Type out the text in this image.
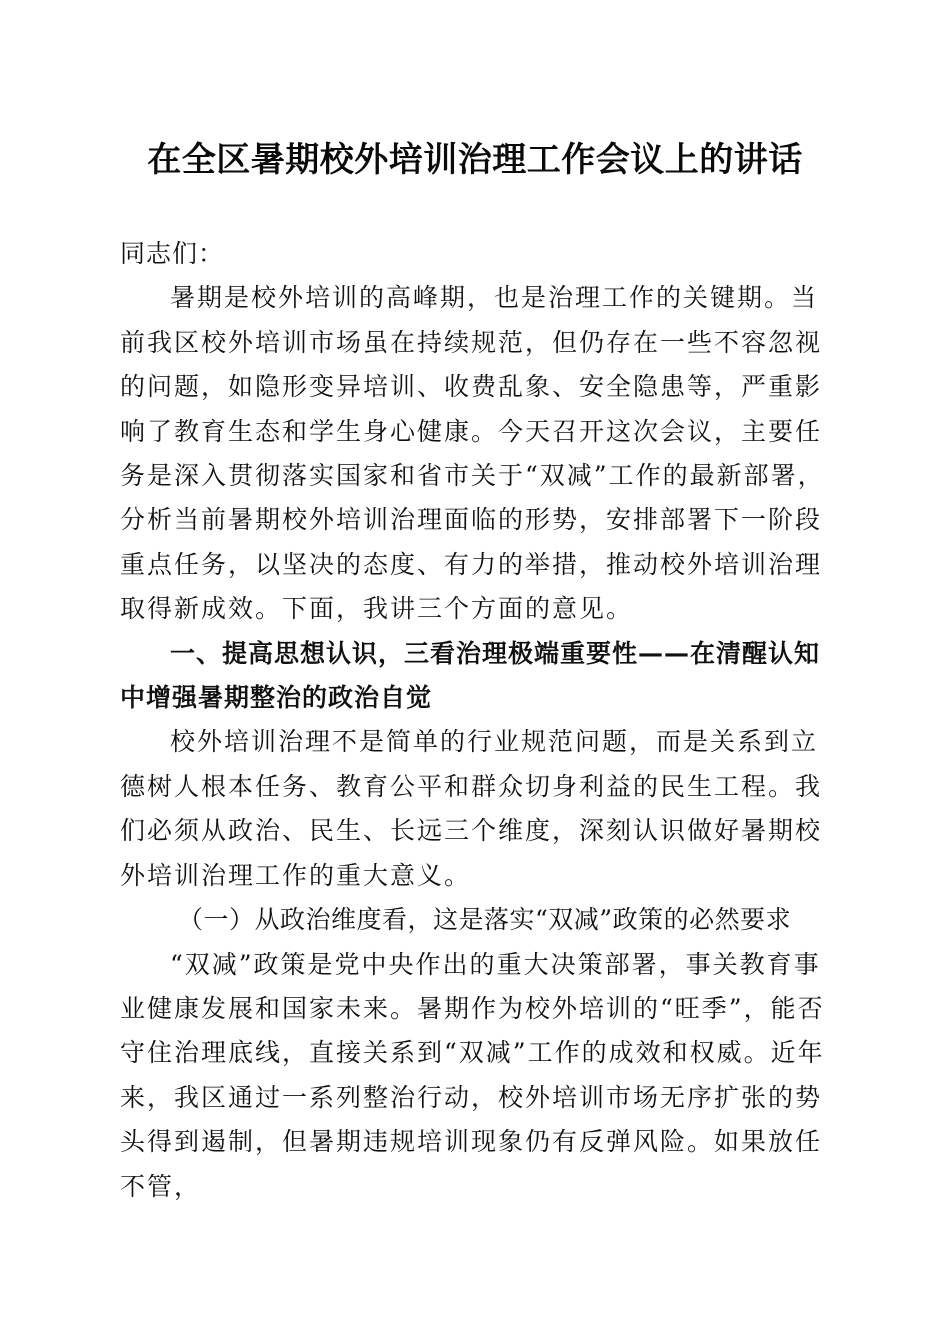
在全区暑期校外培训治理工作会议上的讲话

同志们：

暑期是校外培训的高峰期，也是治理工作的关键期。当前我区校外培训市场虽在持续规范，但仍存在一些不容忽视的问题，如隐形变异培训、收费乱象、安全隐患等，严重影响了教育生态和学生身心健康。今天召开这次会议，主要任务是深入贯彻落实国家和省市关于“双减”工作的最新部署，分析当前暑期校外培训治理面临的形势，安排部署下一阶段重点任务，以坚决的态度、有力的举措，推动校外培训治理取得新成效。下面，我讲三个方面的意见。

一、提高思想认识，三看治理极端重要性——在清醒认知中增强暑期整治的政治自觉

校外培训治理不是简单的行业规范问题，而是关系到立德树人根本任务、教育公平和群众切身利益的民生工程。我们必须从政治、民生、长远三个维度，深刻认识做好暑期校外培训治理工作的重大意义。

（一）从政治维度看，这是落实“双减”政策的必然要求

“双减”政策是党中央作出的重大决策部署，事关教育事业健康发展和国家未来。暑期作为校外培训的“旺季”，能否守住治理底线，直接关系到“双减”工作的成效和权威。近年来，我区通过一系列整治行动，校外培训市场无序扩张的势头得到遏制，但暑期违规培训现象仍有反弹风险。如果放任不管，
